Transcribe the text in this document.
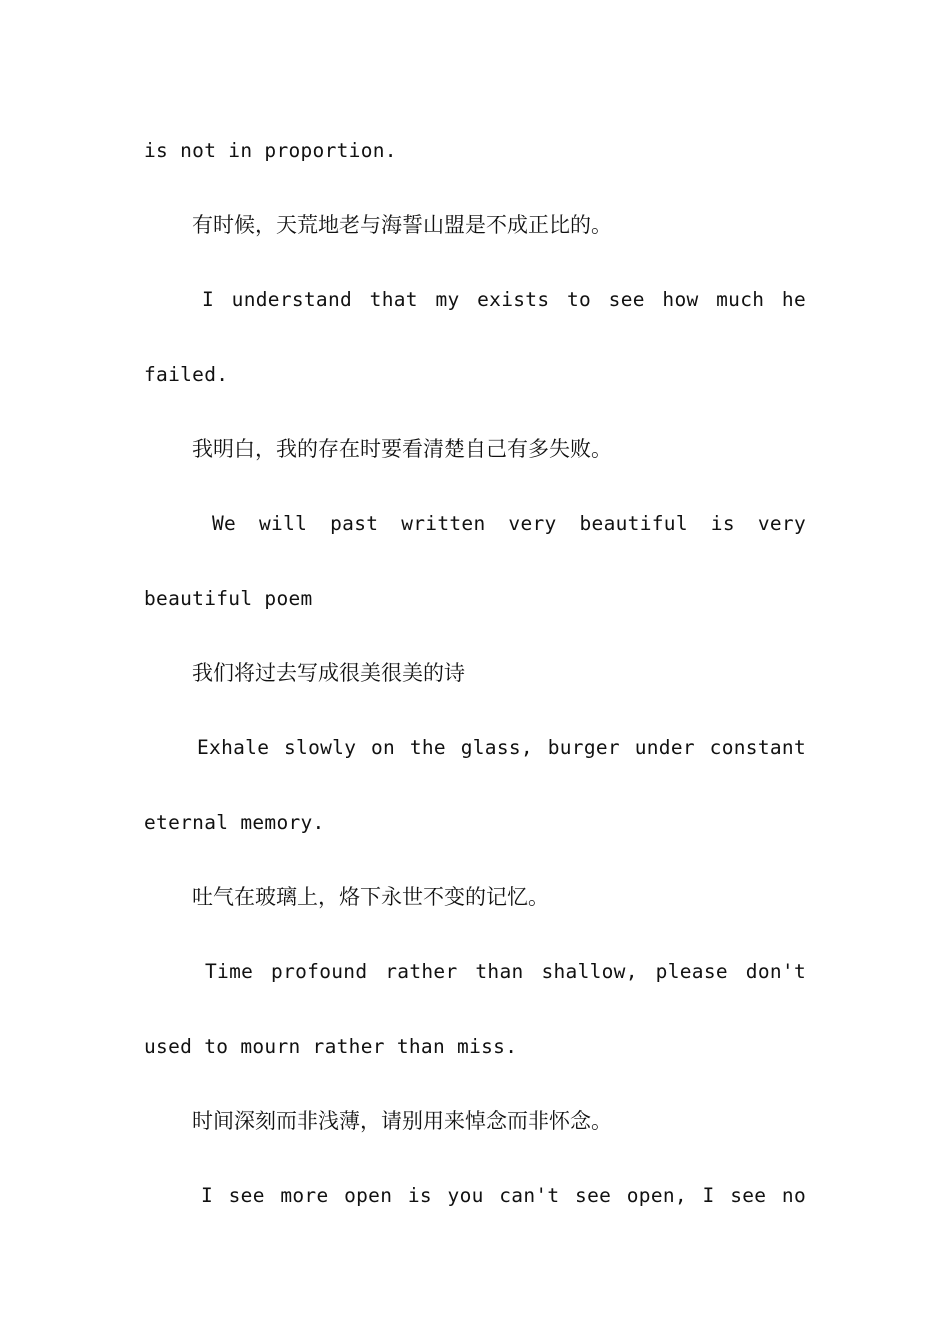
is not in proportion.
有时候，天荒地老与海誓山盟是不成正比的。
I understand that my exists to see how much he
failed.
我明白，我的存在时要看清楚自己有多失败。
We will past written very beautiful is very
beautiful poem
我们将过去写成很美很美的诗
Exhale slowly on the glass, burger under constant
eternal memory.
吐气在玻璃上，烙下永世不变的记忆。
Time profound rather than shallow, please don't
used to mourn rather than miss.
时间深刻而非浅薄，请别用来悼念而非怀念。
I see more open is you can't see open, I see no
